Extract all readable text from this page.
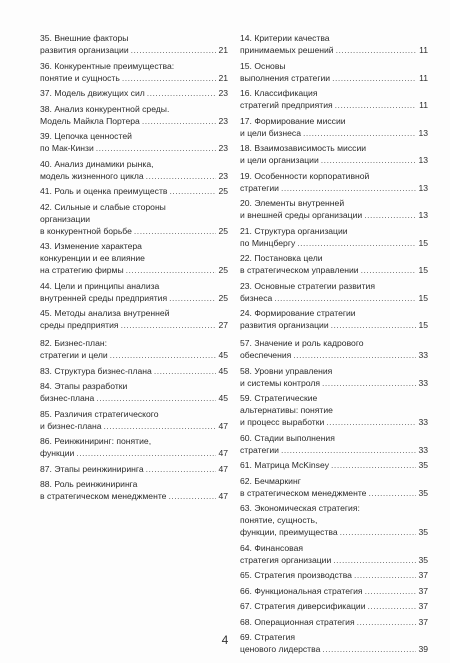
35. Внешние факторы
развития организации .....	21
36. Конкурентные преимущества:
понятие и сущность .....	21
37. Модель движущих сил .....	23
38. Анализ конкурентной среды.
Модель Майкла Портера .....	23
39. Цепочка ценностей
по Мак-Кинзи .....	23
40. Анализ динамики рынка,
модель жизненного цикла .....	23
41. Роль и оценка преимуществ .....	25
42. Сильные и слабые стороны
организации
в конкурентной борьбе .....	25
43. Изменение характера
конкуренции и ее влияние
на стратегию фирмы .....	25
44. Цели и принципы анализа
внутренней среды предприятия .....	25
45. Методы анализа внутренней
среды предприятия .....	27
14. Критерии качества
принимаемых решений .....	11
15. Основы
выполнения стратегии .....	11
16. Классификация
стратегий предприятия .....	11
17. Формирование миссии
и цели бизнеса .....	13
18. Взаимозависимость миссии
и цели организации .....	13
19. Особенности корпоративной
стратегии .....	13
20. Элементы внутренней
и внешней среды организации .....	13
21. Структура организации
по Минцбергу .....	15
22. Постановка цели
в стратегическом управлении .....	15
23. Основные стратегии развития
бизнеса .....	15
24. Формирование стратегии
развития организации .....	15
82. Бизнес-план:
стратегии и цели .....	45
83. Структура бизнес-плана .....	45
84. Этапы разработки
бизнес-плана .....	45
85. Различия стратегического
и бизнес-плана .....	47
86. Реинжиниринг: понятие,
функции .....	47
87. Этапы реинжиниринга .....	47
88. Роль реинжиниринга
в стратегическом менеджменте .....	47
57. Значение и роль кадрового
обеспечения .....	33
58. Уровни управления
и системы контроля .....	33
59. Стратегические
альтернативы: понятие
и процесс выработки .....	33
60. Стадии выполнения
стратегии .....	33
61. Матрица McKinsey .....	35
62. Бечмаркинг
в стратегическом менеджменте .....	35
63. Экономическая стратегия:
понятие, сущность,
функции, преимущества .....	35
64. Финансовая
стратегия организации .....	35
65. Стратегия производства .....	37
66. Функциональная стратегия .....	37
67. Стратегия диверсификации .....	37
68. Операционная стратегия .....	37
69. Стратегия
ценового лидерства .....	39
4
